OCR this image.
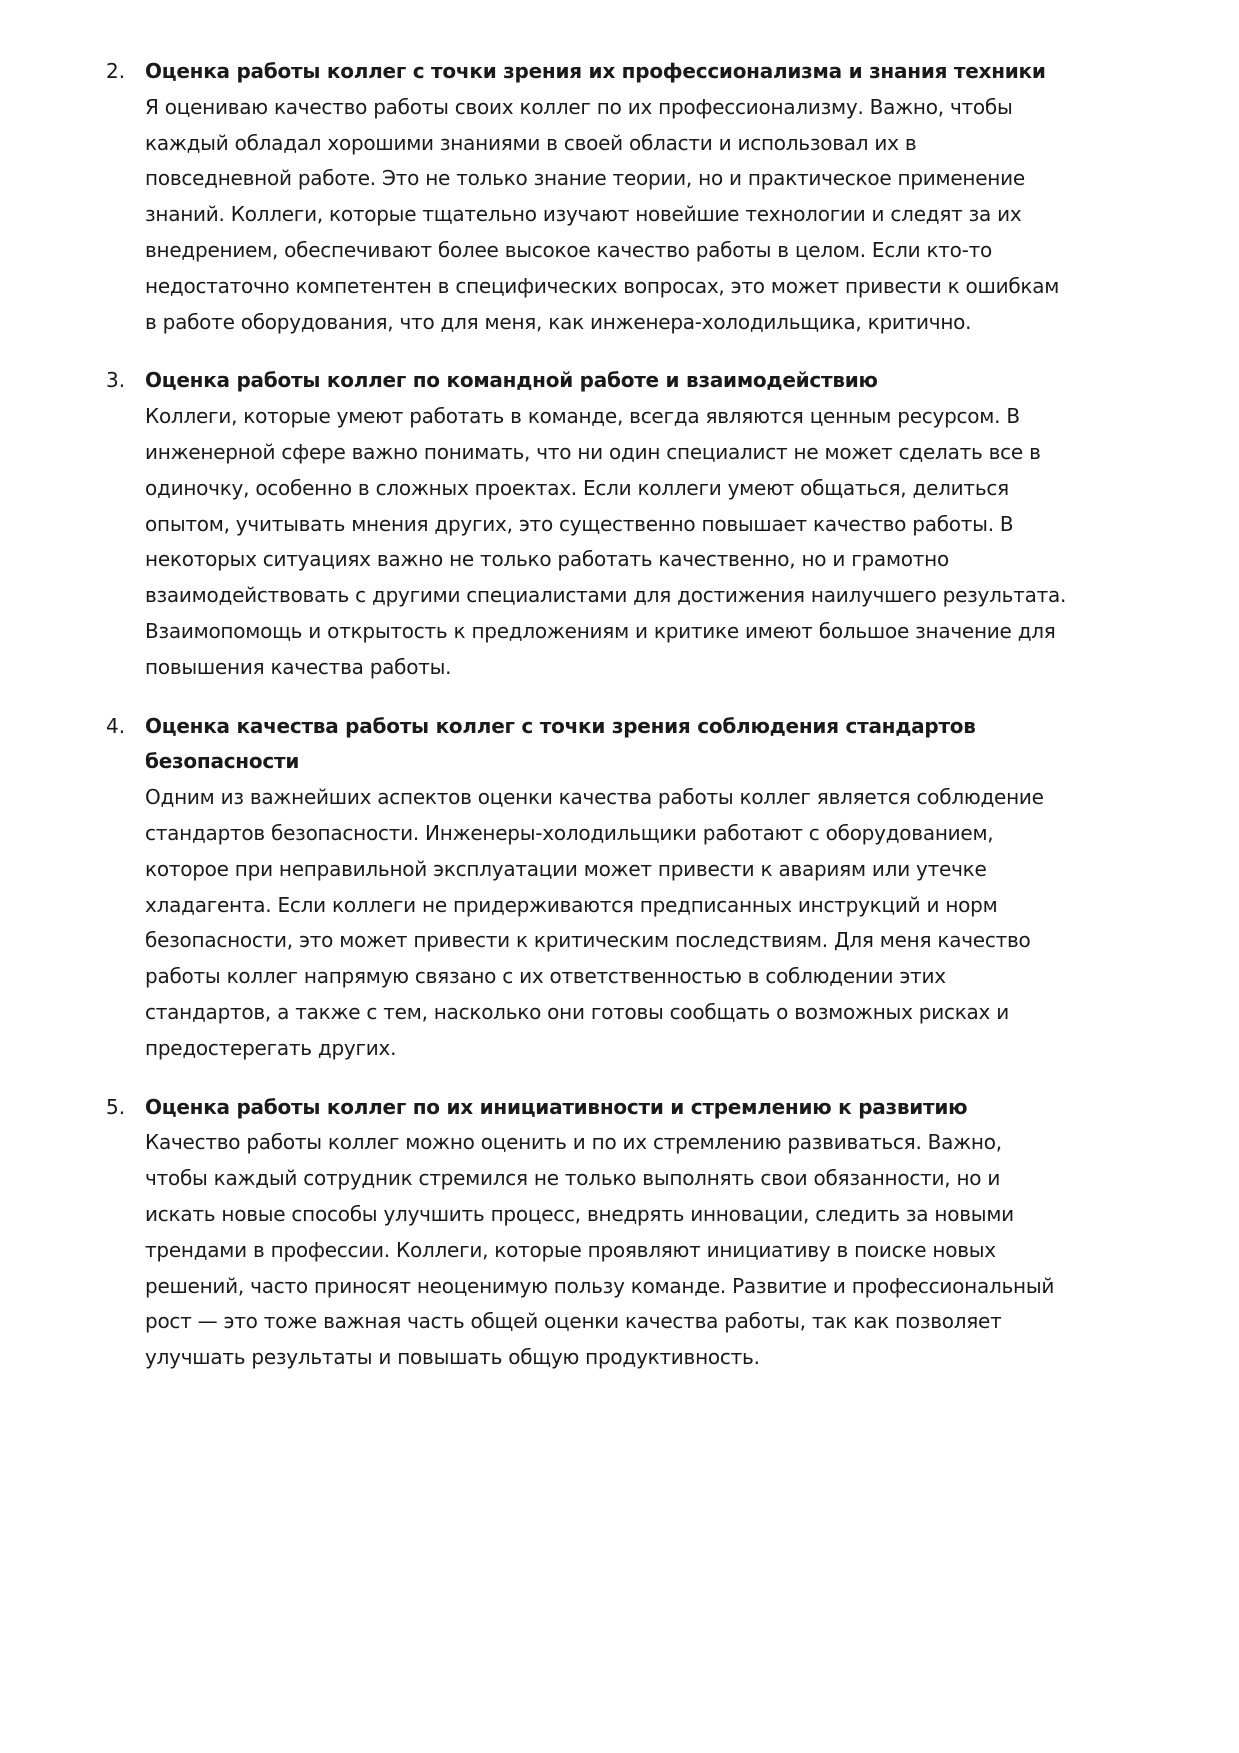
2. Оценка работы коллег с точки зрения их профессионализма и знания техники
Я оцениваю качество работы своих коллег по их профессионализму. Важно, чтобы
каждый обладал хорошими знаниями в своей области и использовал их в
повседневной работе. Это не только знание теории, но и практическое применение
знаний. Коллеги, которые тщательно изучают новейшие технологии и следят за их
внедрением, обеспечивают более высокое качество работы в целом. Если кто-то
недостаточно компетентен в специфических вопросах, это может привести к ошибкам
в работе оборудования, что для меня, как инженера-холодильщика, критично.
3. Оценка работы коллег по командной работе и взаимодействию
Коллеги, которые умеют работать в команде, всегда являются ценным ресурсом. В
инженерной сфере важно понимать, что ни один специалист не может сделать все в
одиночку, особенно в сложных проектах. Если коллеги умеют общаться, делиться
опытом, учитывать мнения других, это существенно повышает качество работы. В
некоторых ситуациях важно не только работать качественно, но и грамотно
взаимодействовать с другими специалистами для достижения наилучшего результата.
Взаимопомощь и открытость к предложениям и критике имеют большое значение для
повышения качества работы.
4. Оценка качества работы коллег с точки зрения соблюдения стандартов
безопасности
Одним из важнейших аспектов оценки качества работы коллег является соблюдение
стандартов безопасности. Инженеры-холодильщики работают с оборудованием,
которое при неправильной эксплуатации может привести к авариям или утечке
хладагента. Если коллеги не придерживаются предписанных инструкций и норм
безопасности, это может привести к критическим последствиям. Для меня качество
работы коллег напрямую связано с их ответственностью в соблюдении этих
стандартов, а также с тем, насколько они готовы сообщать о возможных рисках и
предостерегать других.
5. Оценка работы коллег по их инициативности и стремлению к развитию
Качество работы коллег можно оценить и по их стремлению развиваться. Важно,
чтобы каждый сотрудник стремился не только выполнять свои обязанности, но и
искать новые способы улучшить процесс, внедрять инновации, следить за новыми
трендами в профессии. Коллеги, которые проявляют инициативу в поиске новых
решений, часто приносят неоценимую пользу команде. Развитие и профессиональный
рост — это тоже важная часть общей оценки качества работы, так как позволяет
улучшать результаты и повышать общую продуктивность.
